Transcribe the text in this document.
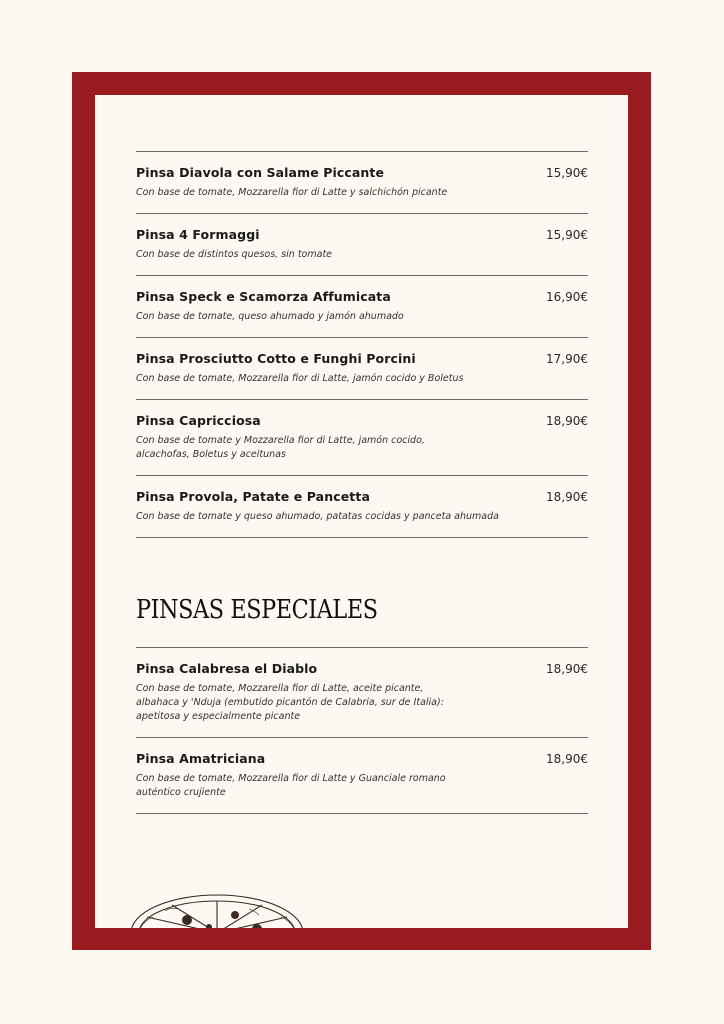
Pinsa Diavola con Salame Piccante	15,90€
Con base de tomate, Mozzarella fior di Latte y salchichón picante
Pinsa 4 Formaggi	15,90€
Con base de distintos quesos, sin tomate
Pinsa Speck e Scamorza Affumicata	16,90€
Con base de tomate, queso ahumado y jamón ahumado
Pinsa Prosciutto Cotto e Funghi Porcini	17,90€
Con base de tomate, Mozzarella fior di Latte, jamón cocido y Boletus
Pinsa Capricciosa	18,90€
Con base de tomate y Mozzarella fior di Latte, jamón cocido, alcachofas, Boletus y aceitunas
Pinsa Provola, Patate e Pancetta	18,90€
Con base de tomate y queso ahumado, patatas cocidas y panceta ahumada
PINSAS ESPECIALES
Pinsa Calabresa el Diablo	18,90€
Con base de tomate, Mozzarella fior di Latte, aceite picante, albahaca y 'Nduja (embutido picantón de Calabria, sur de Italia): apetitosa y especialmente picante
Pinsa Amatriciana	18,90€
Con base de tomate, Mozzarella fior di Latte y Guanciale romano auténtico crujiente
